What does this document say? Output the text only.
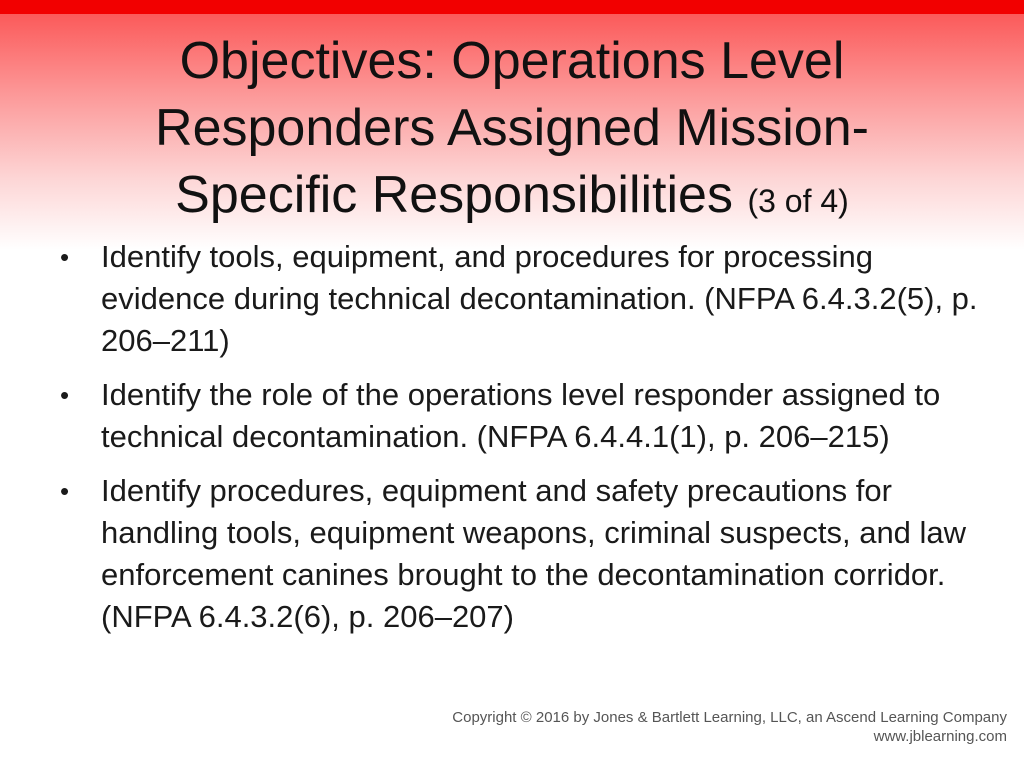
Objectives: Operations Level
Responders Assigned Mission-
Specific Responsibilities (3 of 4)
• Identify tools, equipment, and procedures for processing evidence during technical decontamination. (NFPA 6.4.3.2(5), p. 206–211)
• Identify the role of the operations level responder assigned to technical decontamination. (NFPA 6.4.4.1(1), p. 206–215)
• Identify procedures, equipment and safety precautions for handling tools, equipment weapons, criminal suspects, and law enforcement canines brought to the decontamination corridor. (NFPA 6.4.3.2(6), p. 206–207)
Copyright © 2016 by Jones & Bartlett Learning, LLC, an Ascend Learning Company
www.jblearning.com
